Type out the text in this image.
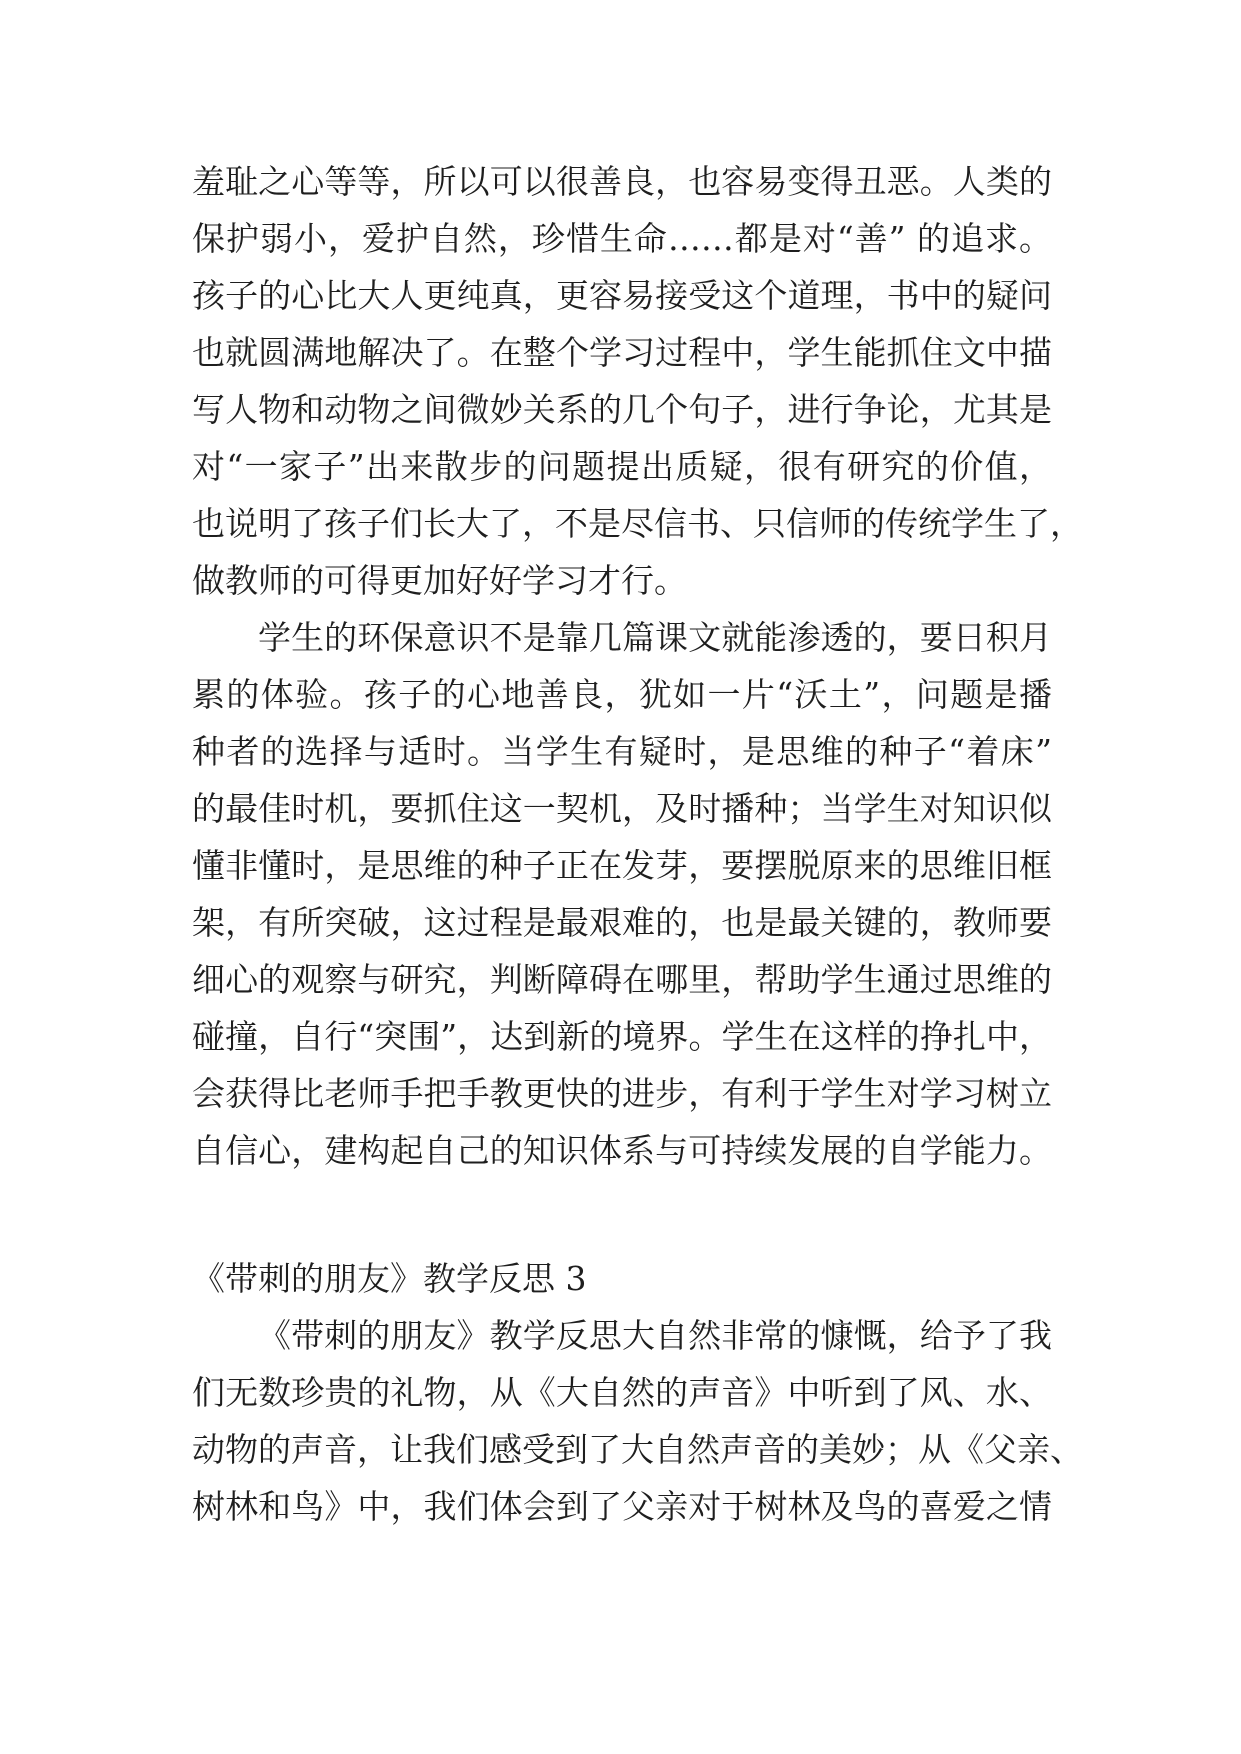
羞耻之心等等，所以可以很善良，也容易变得丑恶。人类的
保护弱小，爱护自然，珍惜生命……都是对“善” 的追求。
孩子的心比大人更纯真，更容易接受这个道理，书中的疑问
也就圆满地解决了。在整个学习过程中，学生能抓住文中描
写人物和动物之间微妙关系的几个句子，进行争论，尤其是
对“一家子”出来散步的问题提出质疑，很有研究的价值，
也说明了孩子们长大了，不是尽信书、只信师的传统学生了，
做教师的可得更加好好学习才行。
学生的环保意识不是靠几篇课文就能渗透的，要日积月
累的体验。孩子的心地善良，犹如一片“沃土”，问题是播
种者的选择与适时。当学生有疑时，是思维的种子“着床”
的最佳时机，要抓住这一契机，及时播种；当学生对知识似
懂非懂时，是思维的种子正在发芽，要摆脱原来的思维旧框
架，有所突破，这过程是最艰难的，也是最关键的，教师要
细心的观察与研究，判断障碍在哪里，帮助学生通过思维的
碰撞，自行“突围”，达到新的境界。学生在这样的挣扎中，
会获得比老师手把手教更快的进步，有利于学生对学习树立
自信心，建构起自己的知识体系与可持续发展的自学能力。
《带刺的朋友》教学反思 3
《带刺的朋友》教学反思大自然非常的慷慨，给予了我
们无数珍贵的礼物，从《大自然的声音》中听到了风、水、
动物的声音，让我们感受到了大自然声音的美妙；从《父亲、
树林和鸟》中，我们体会到了父亲对于树林及鸟的喜爱之情
